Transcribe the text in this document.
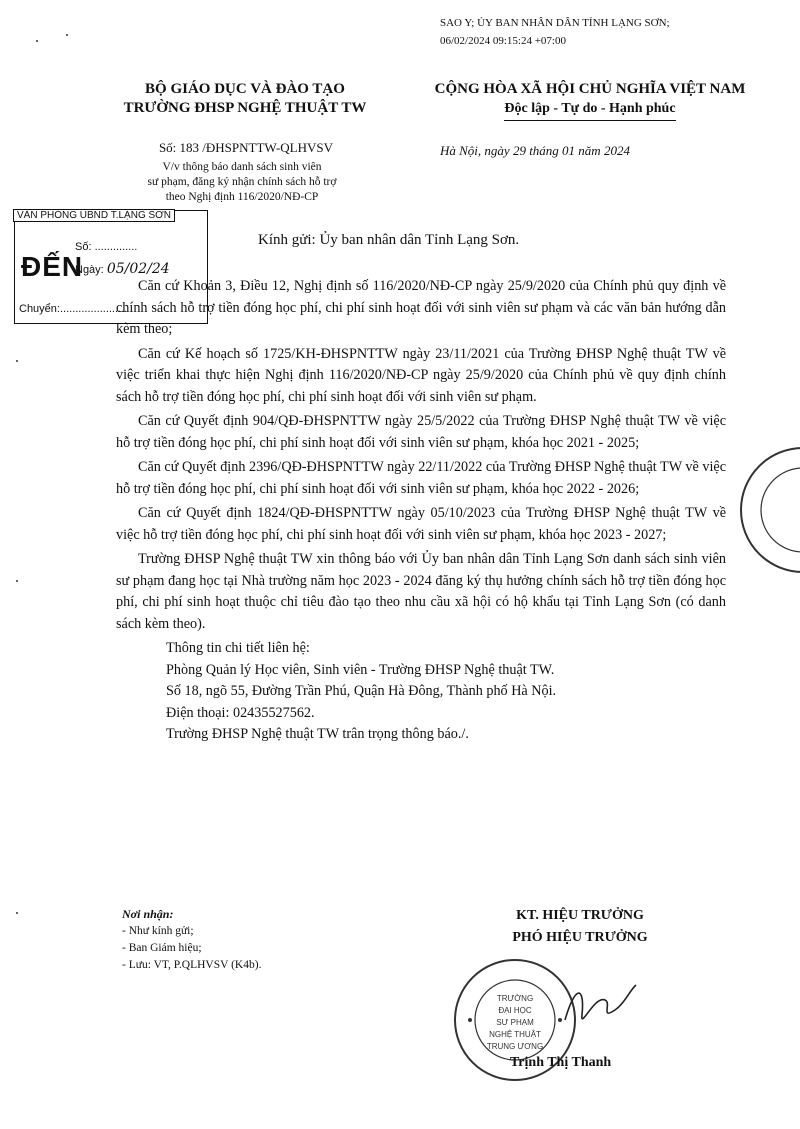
SAO Y; ỦY BAN NHÂN DÂN TỈNH LẠNG SƠN;
06/02/2024 09:15:24 +07:00
BỘ GIÁO DỤC VÀ ĐÀO TẠO
TRƯỜNG ĐHSP NGHỆ THUẬT TW
CỘNG HÒA XÃ HỘI CHỦ NGHĨA VIỆT NAM
Độc lập - Tự do - Hạnh phúc
Số: 183 /ĐHSPNTTW-QLHVSV	Hà Nội, ngày 29 tháng 01 năm 2024
V/v thông báo danh sách sinh viên
sư phạm, đăng ký nhận chính sách hỗ trợ
theo Nghị định 116/2020/NĐ-CP
VĂN PHÒNG UBND T.LẠNG SƠN
ĐẾN
Số: ..............
Ngày: 05/02/24
Chuyển:......................
Kính gửi: Ủy ban nhân dân Tỉnh Lạng Sơn.

Căn cứ Khoản 3, Điều 12, Nghị định số 116/2020/NĐ-CP ngày 25/9/2020 của Chính phủ quy định về chính sách hỗ trợ tiền đóng học phí, chi phí sinh hoạt đối với sinh viên sư phạm và các văn bản hướng dẫn kèm theo;

Căn cứ Kế hoạch số 1725/KH-ĐHSPNTTW ngày 23/11/2021 của Trường ĐHSP Nghệ thuật TW về việc triển khai thực hiện Nghị định 116/2020/NĐ-CP ngày 25/9/2020 của Chính phủ về quy định chính sách hỗ trợ tiền đóng học phí, chi phí sinh hoạt đối với sinh viên sư phạm.

Căn cứ Quyết định 904/QĐ-ĐHSPNTTW ngày 25/5/2022 của Trường ĐHSP Nghệ thuật TW về việc hỗ trợ tiền đóng học phí, chi phí sinh hoạt đối với sinh viên sư phạm, khóa học 2021 - 2025;

Căn cứ Quyết định 2396/QĐ-ĐHSPNTTW ngày 22/11/2022 của Trường ĐHSP Nghệ thuật TW về việc hỗ trợ tiền đóng học phí, chi phí sinh hoạt đối với sinh viên sư phạm, khóa học 2022 - 2026;

Căn cứ Quyết định 1824/QĐ-ĐHSPNTTW ngày 05/10/2023 của Trường ĐHSP Nghệ thuật TW về việc hỗ trợ tiền đóng học phí, chi phí sinh hoạt đối với sinh viên sư phạm, khóa học 2023 - 2027;

Trường ĐHSP Nghệ thuật TW xin thông báo với Ủy ban nhân dân Tỉnh Lạng Sơn danh sách sinh viên sư phạm đang học tại Nhà trường năm học 2023 - 2024 đăng ký thụ hưởng chính sách hỗ trợ tiền đóng học phí, chi phí sinh hoạt thuộc chỉ tiêu đào tạo theo nhu cầu xã hội có hộ khẩu tại Tỉnh Lạng Sơn (có danh sách kèm theo).

Thông tin chi tiết liên hệ:

Phòng Quản lý Học viên, Sinh viên - Trường ĐHSP Nghệ thuật TW.

Số 18, ngõ 55, Đường Trần Phú, Quận Hà Đông, Thành phố Hà Nội.

Điện thoại: 02435527562.

Trường ĐHSP Nghệ thuật TW trân trọng thông báo./.

Nơi nhận:
- Như kính gửi;
- Ban Giám hiệu;
- Lưu: VT, P.QLHVSV (K4b).
KT. HIỆU TRƯỞNG
PHÓ HIỆU TRƯỞNG
TRƯỜNG
ĐẠI HỌC
SƯ PHẠM
NGHỆ THUẬT
TRUNG ƯƠNG
Trịnh Thị Thanh
